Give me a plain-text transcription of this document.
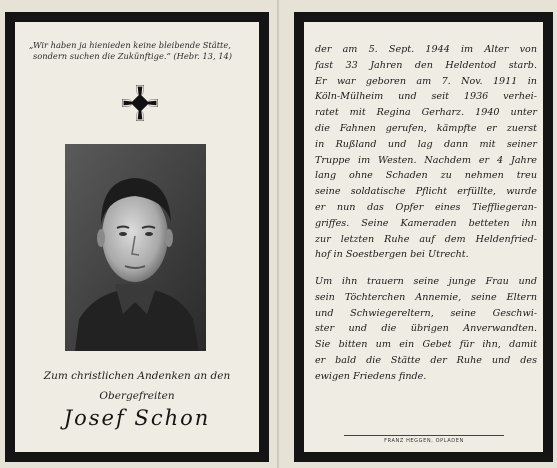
„Wir haben ja hienieden keine bleibende Stätte,
sondern suchen die Zukünftige.“ (Hebr. 13, 14)
Zum christlichen Andenken an den
Obergefreiten
Josef Schon
der am 5. Sept. 1944 im Alter von
fast 33 Jahren den Heldentod starb.
Er war geboren am 7. Nov. 1911 in
Köln-Mülheim und seit 1936 verhei-
ratet mit Regina Gerharz. 1940 unter
die Fahnen gerufen, kämpfte er zuerst
in Rußland und lag dann mit seiner
Truppe im Westen. Nachdem er 4 Jahre
lang ohne Schaden zu nehmen treu
seine soldatische Pflicht erfüllte, wurde
er nun das Opfer eines Tieffliegeran-
griffes. Seine Kameraden betteten ihn
zur letzten Ruhe auf dem Heldenfried-
hof in Soestbergen bei Utrecht.
Um ihn trauern seine junge Frau und
sein Töchterchen Annemie, seine Eltern
und Schwiegereltern, seine Geschwi-
ster und die übrigen Anverwandten.
Sie bitten um ein Gebet für ihn, damit
er bald die Stätte der Ruhe und des
ewigen Friedens finde.
FRANZ HEGGEN, OPLADEN
